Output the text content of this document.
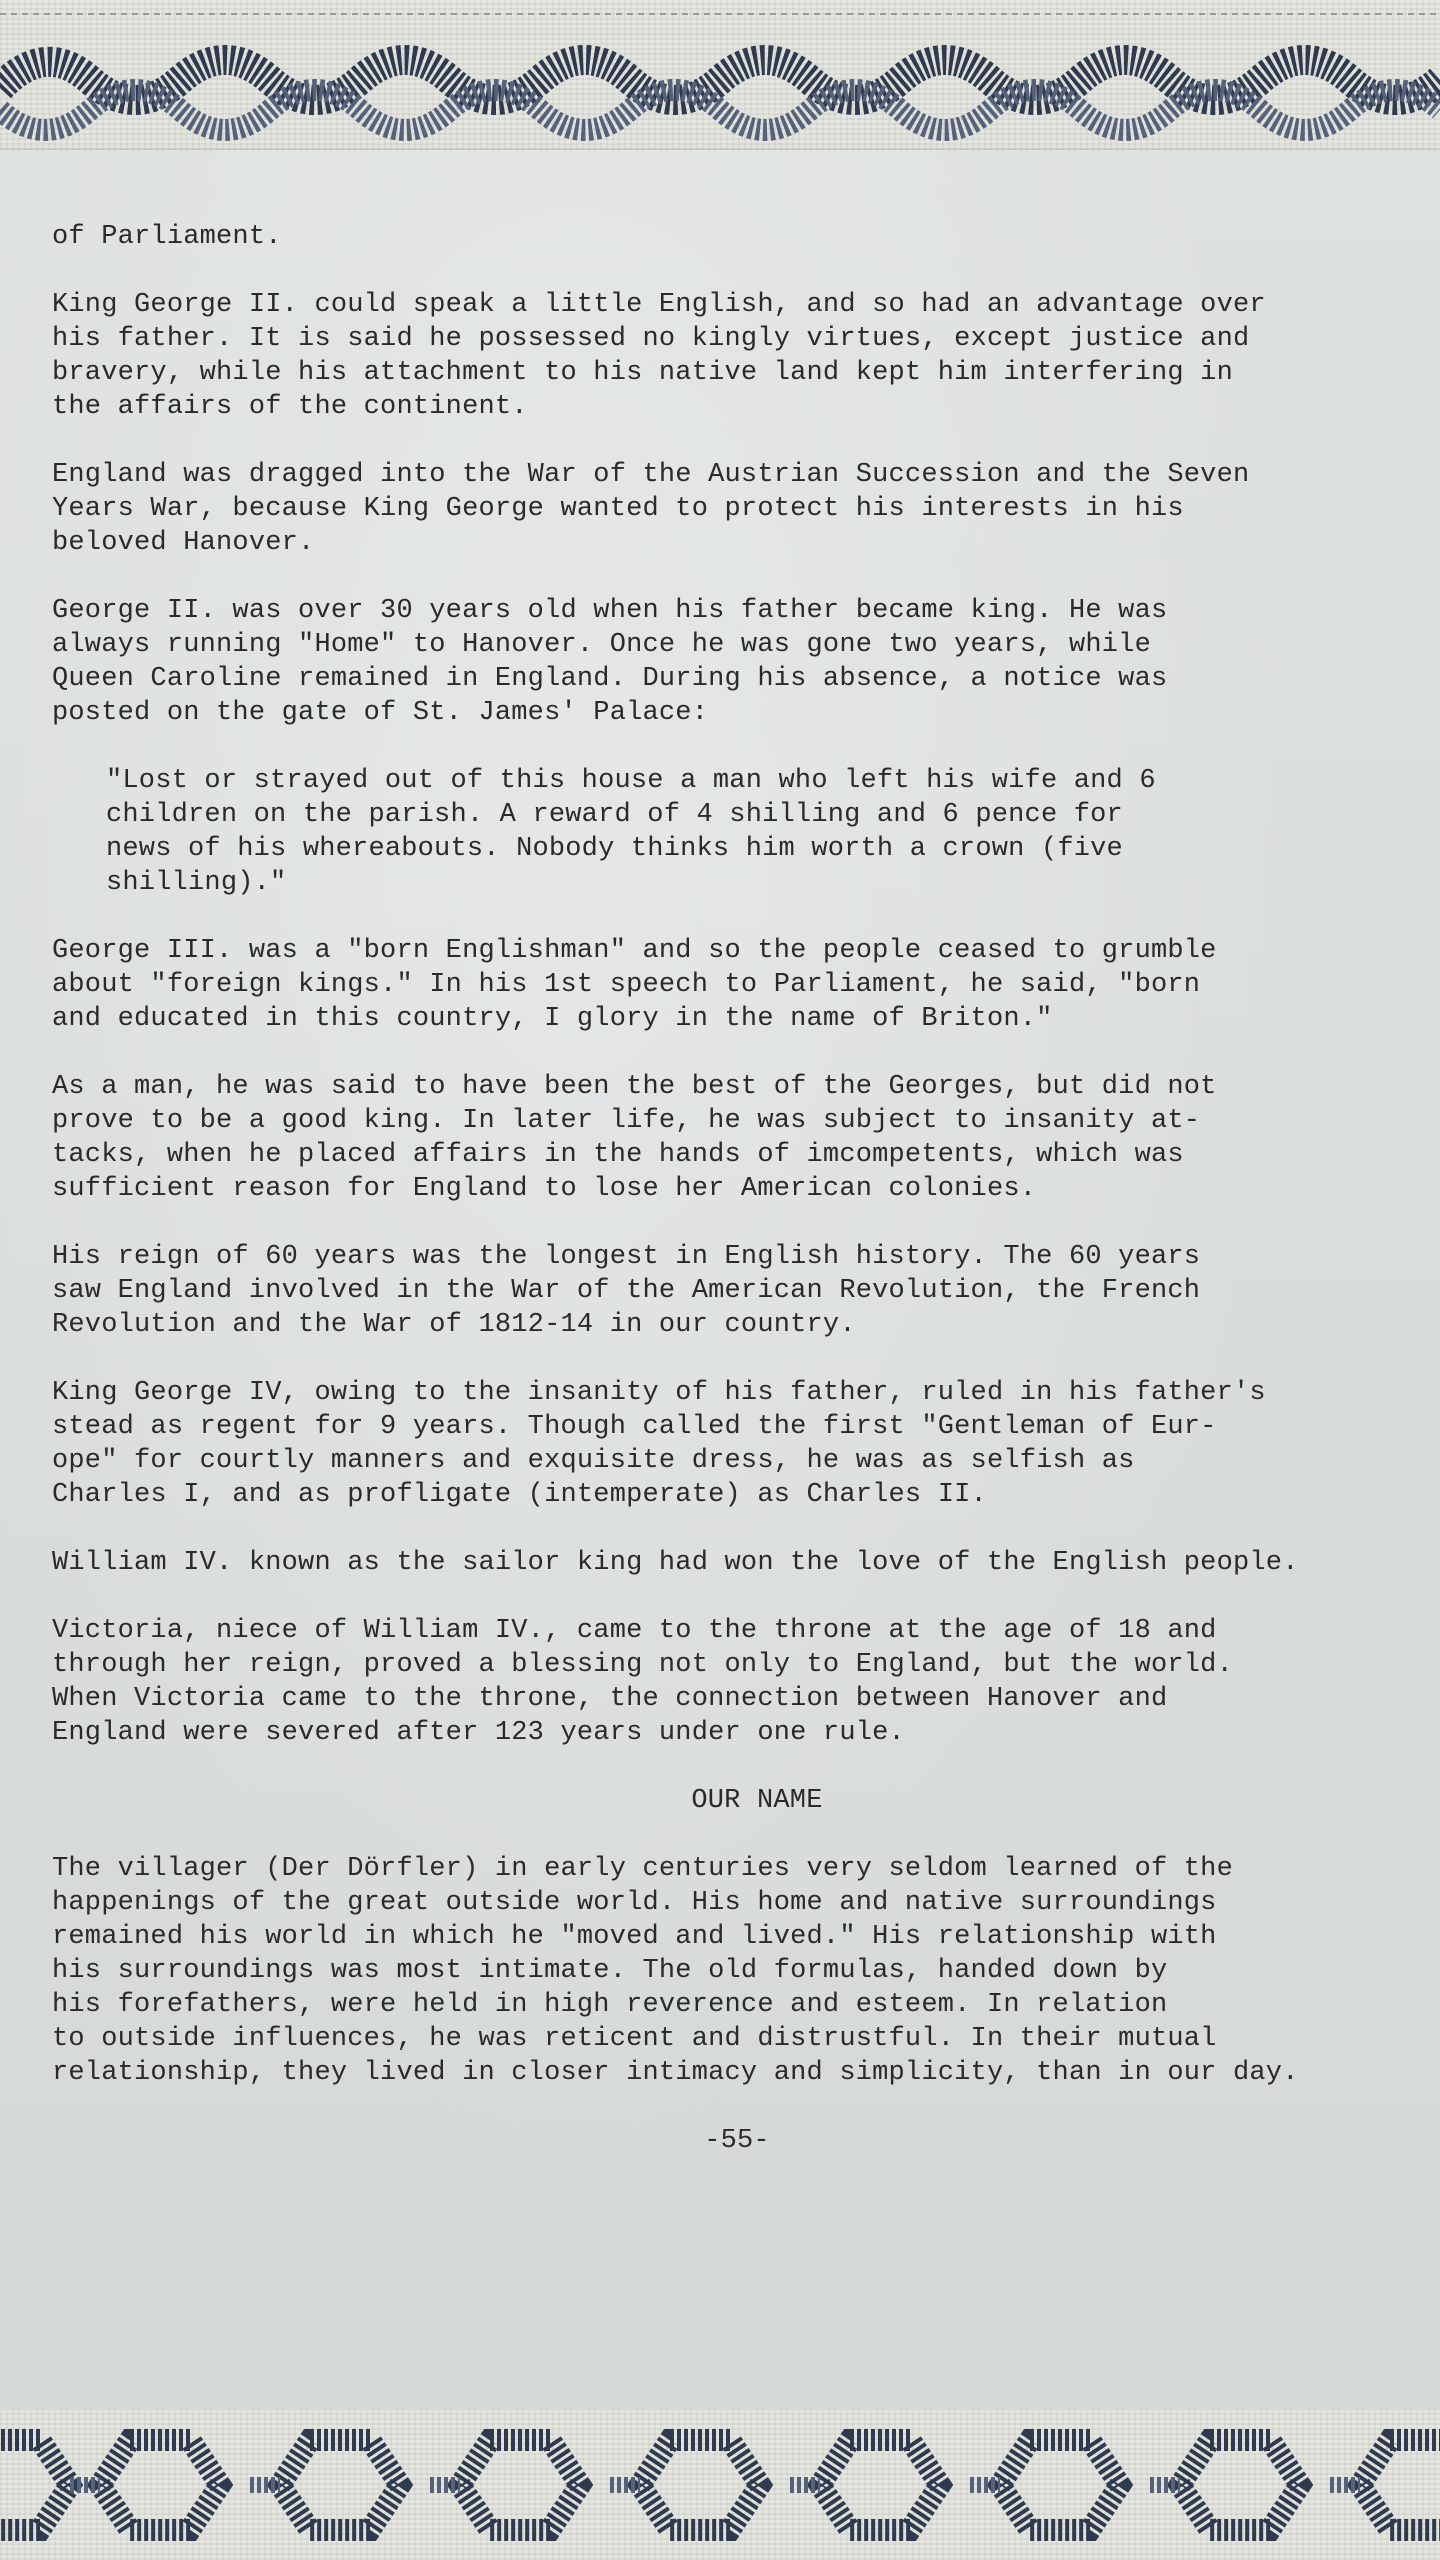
of Parliament.

King George II. could speak a little English, and so had an advantage over
his father. It is said he possessed no kingly virtues, except justice and
bravery, while his attachment to his native land kept him interfering in
the affairs of the continent.

England was dragged into the War of the Austrian Succession and the Seven
Years War, because King George wanted to protect his interests in his
beloved Hanover.

George II. was over 30 years old when his father became king. He was
always running "Home" to Hanover. Once he was gone two years, while
Queen Caroline remained in England. During his absence, a notice was
posted on the gate of St. James' Palace:

"Lost or strayed out of this house a man who left his wife and 6
children on the parish. A reward of 4 shilling and 6 pence for
news of his whereabouts. Nobody thinks him worth a crown (five
shilling)."

George III. was a "born Englishman" and so the people ceased to grumble
about "foreign kings." In his 1st speech to Parliament, he said, "born
and educated in this country, I glory in the name of Briton."

As a man, he was said to have been the best of the Georges, but did not
prove to be a good king. In later life, he was subject to insanity at-
tacks, when he placed affairs in the hands of imcompetents, which was
sufficient reason for England to lose her American colonies.

His reign of 60 years was the longest in English history. The 60 years
saw England involved in the War of the American Revolution, the French
Revolution and the War of 1812-14 in our country.

King George IV, owing to the insanity of his father, ruled in his father's
stead as regent for 9 years. Though called the first "Gentleman of Eur-
ope" for courtly manners and exquisite dress, he was as selfish as
Charles I, and as profligate (intemperate) as Charles II.

William IV. known as the sailor king had won the love of the English people.

Victoria, niece of William IV., came to the throne at the age of 18 and
through her reign, proved a blessing not only to England, but the world.
When Victoria came to the throne, the connection between Hanover and
England were severed after 123 years under one rule.

OUR NAME

The villager (Der Dörfler) in early centuries very seldom learned of the
happenings of the great outside world. His home and native surroundings
remained his world in which he "moved and lived." His relationship with
his surroundings was most intimate. The old formulas, handed down by
his forefathers, were held in high reverence and esteem. In relation
to outside influences, he was reticent and distrustful. In their mutual
relationship, they lived in closer intimacy and simplicity, than in our day.

-55-
